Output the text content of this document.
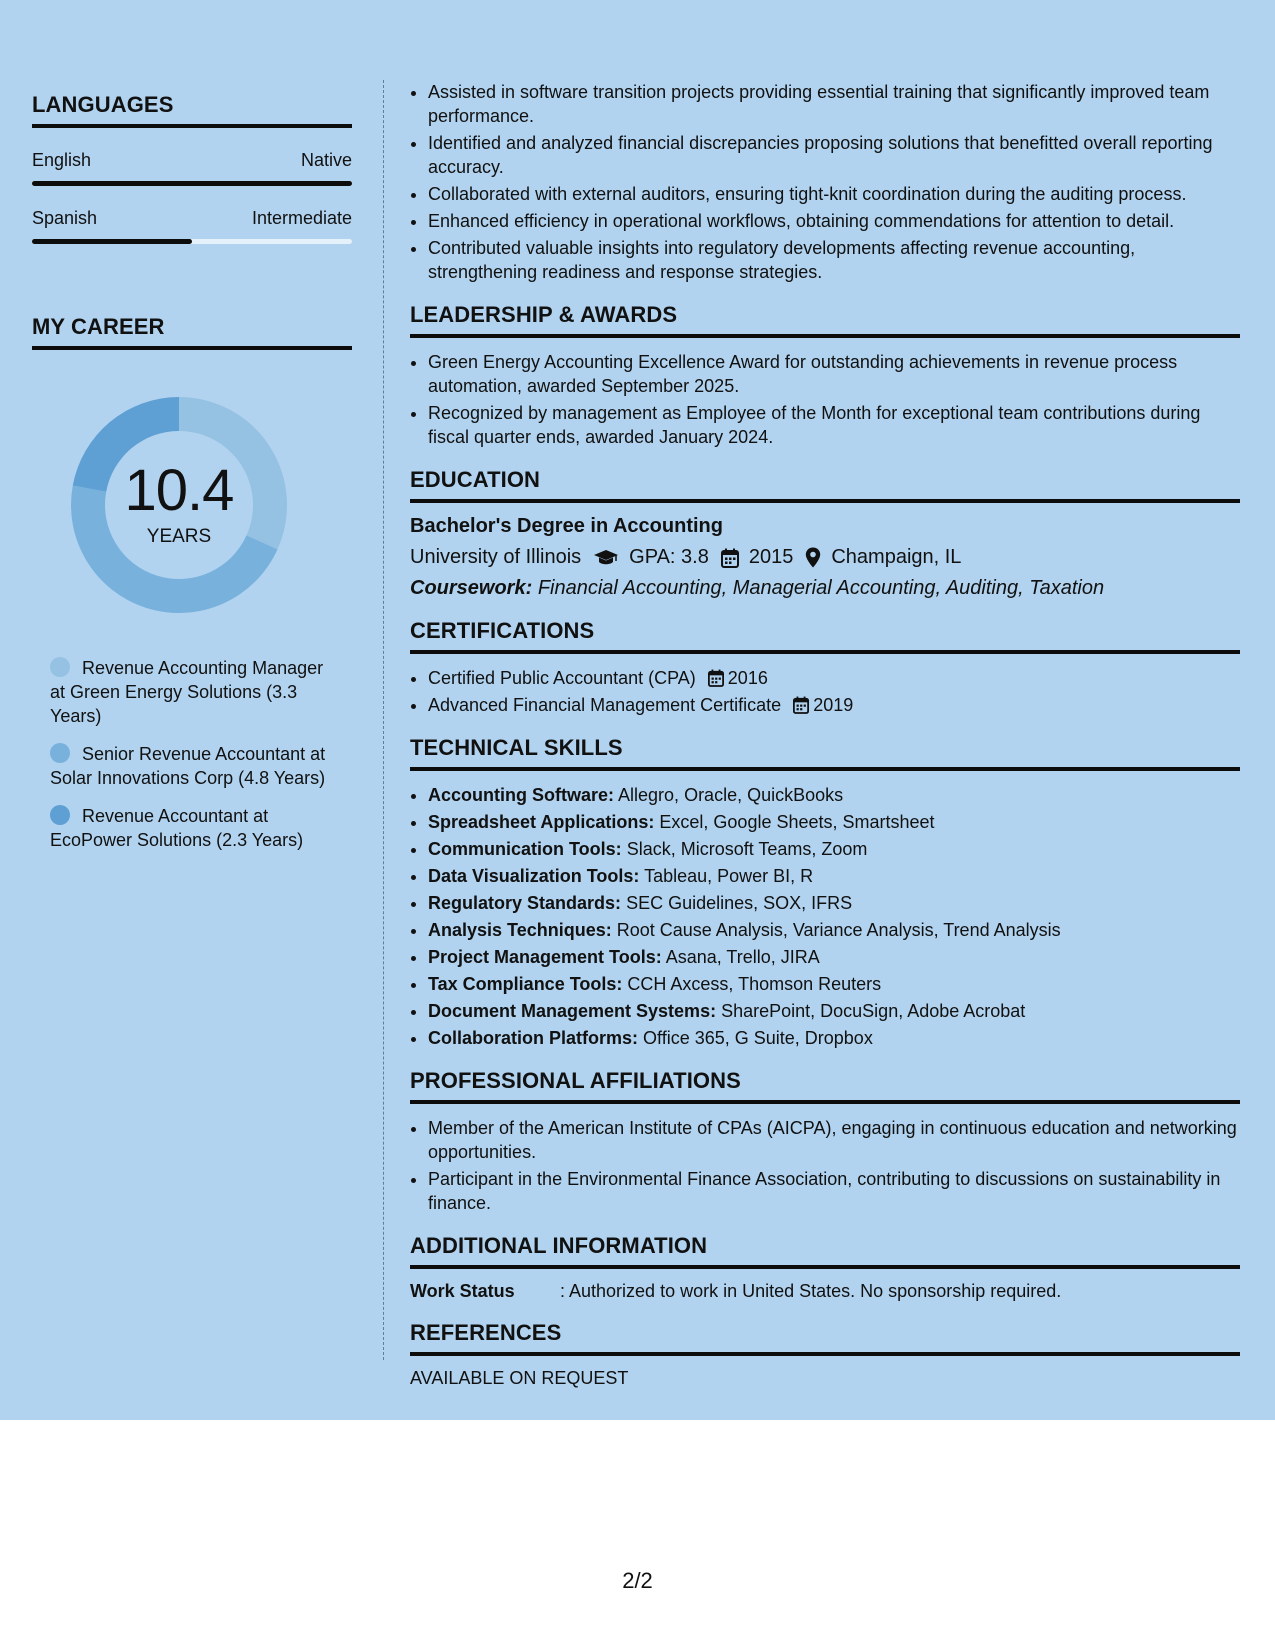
LANGUAGES
English	Native
Spanish	Intermediate
MY CAREER
10.4
YEARS
Revenue Accounting Manager at Green Energy Solutions (3.3 Years)
Senior Revenue Accountant at Solar Innovations Corp (4.8 Years)
Revenue Accountant at EcoPower Solutions (2.3 Years)
• Assisted in software transition projects providing essential training that significantly improved team performance.
• Identified and analyzed financial discrepancies proposing solutions that benefitted overall reporting accuracy.
• Collaborated with external auditors, ensuring tight-knit coordination during the auditing process.
• Enhanced efficiency in operational workflows, obtaining commendations for attention to detail.
• Contributed valuable insights into regulatory developments affecting revenue accounting, strengthening readiness and response strategies.
LEADERSHIP & AWARDS
• Green Energy Accounting Excellence Award for outstanding achievements in revenue process automation, awarded September 2025.
• Recognized by management as Employee of the Month for exceptional team contributions during fiscal quarter ends, awarded January 2024.
EDUCATION
Bachelor's Degree in Accounting
University of Illinois GPA: 3.8 2015 Champaign, IL
Coursework: Financial Accounting, Managerial Accounting, Auditing, Taxation
CERTIFICATIONS
• Certified Public Accountant (CPA) 2016
• Advanced Financial Management Certificate 2019
TECHNICAL SKILLS
• Accounting Software: Allegro, Oracle, QuickBooks
• Spreadsheet Applications: Excel, Google Sheets, Smartsheet
• Communication Tools: Slack, Microsoft Teams, Zoom
• Data Visualization Tools: Tableau, Power BI, R
• Regulatory Standards: SEC Guidelines, SOX, IFRS
• Analysis Techniques: Root Cause Analysis, Variance Analysis, Trend Analysis
• Project Management Tools: Asana, Trello, JIRA
• Tax Compliance Tools: CCH Axcess, Thomson Reuters
• Document Management Systems: SharePoint, DocuSign, Adobe Acrobat
• Collaboration Platforms: Office 365, G Suite, Dropbox
PROFESSIONAL AFFILIATIONS
• Member of the American Institute of CPAs (AICPA), engaging in continuous education and networking opportunities.
• Participant in the Environmental Finance Association, contributing to discussions on sustainability in finance.
ADDITIONAL INFORMATION
Work Status	: Authorized to work in United States. No sponsorship required.
REFERENCES
AVAILABLE ON REQUEST
2/2
